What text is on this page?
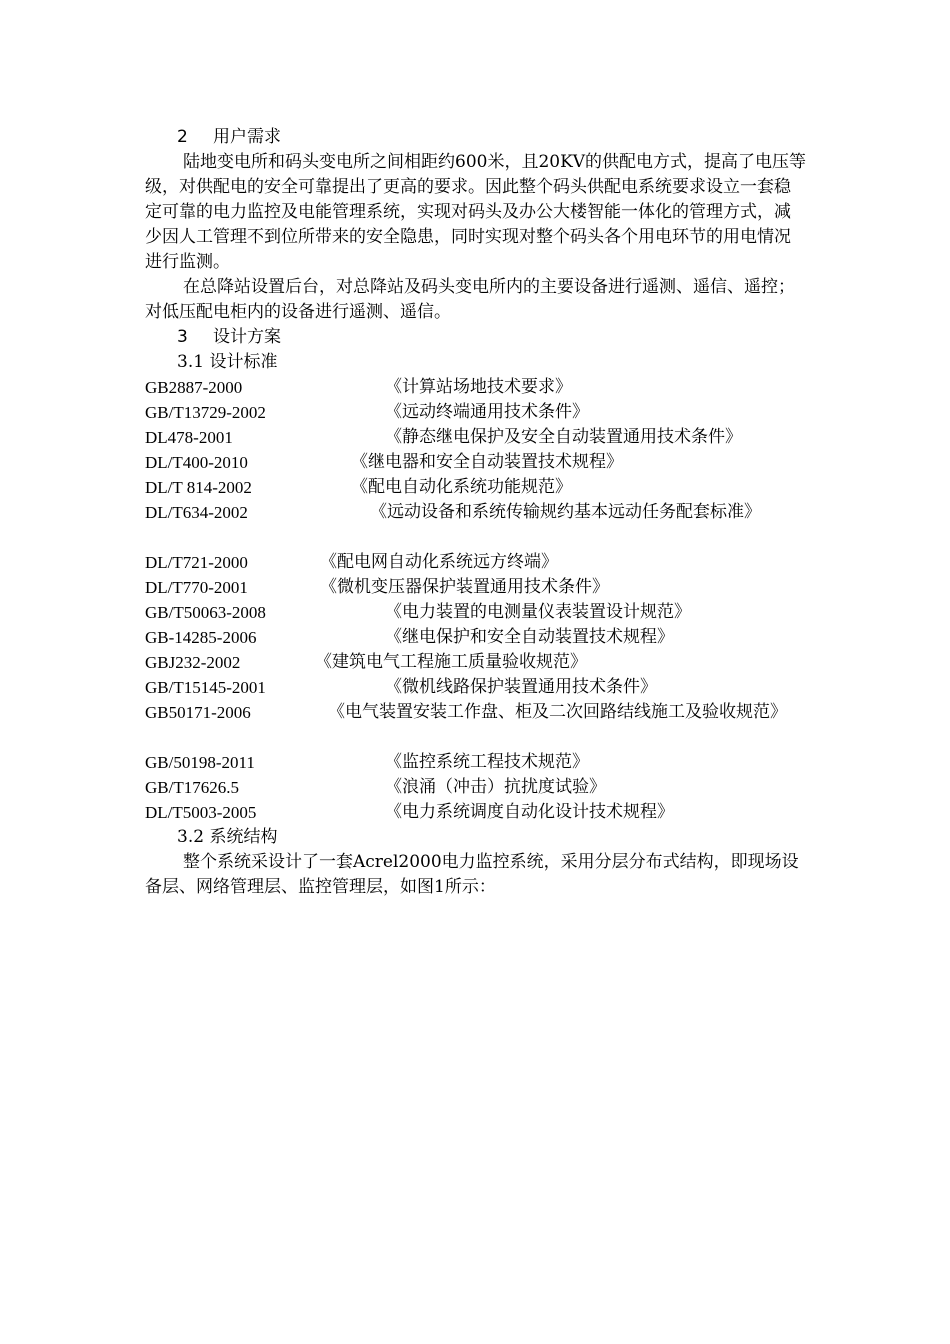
2 用户需求

陆地变电所和码头变电所之间相距约600米，且20KV的供配电方式，提高了电压等级，对供配电的安全可靠提出了更高的要求。因此整个码头供配电系统要求设立一套稳定可靠的电力监控及电能管理系统，实现对码头及办公大楼智能一体化的管理方式，减少因人工管理不到位所带来的安全隐患，同时实现对整个码头各个用电环节的用电情况进行监测。

在总降站设置后台，对总降站及码头变电所内的主要设备进行遥测、遥信、遥控；对低压配电柜内的设备进行遥测、遥信。

3 设计方案
3.1 设计标准
GB2887-2000	《计算站场地技术要求》
GB/T13729-2002	《远动终端通用技术条件》
DL478-2001	《静态继电保护及安全自动装置通用技术条件》
DL/T400-2010	《继电器和安全自动装置技术规程》
DL/T 814-2002	《配电自动化系统功能规范》
DL/T634-2002	《远动设备和系统传输规约基本远动任务配套标准》
DL/T721-2000	《配电网自动化系统远方终端》
DL/T770-2001	《微机变压器保护装置通用技术条件》
GB/T50063-2008	《电力装置的电测量仪表装置设计规范》
GB-14285-2006	《继电保护和安全自动装置技术规程》
GBJ232-2002	《建筑电气工程施工质量验收规范》
GB/T15145-2001	《微机线路保护装置通用技术条件》
GB50171-2006	《电气装置安装工作盘、柜及二次回路结线施工及验收规范》
GB/50198-2011	《监控系统工程技术规范》
GB/T17626.5	《浪涌（冲击）抗扰度试验》
DL/T5003-2005	《电力系统调度自动化设计技术规程》
3.2 系统结构

整个系统采设计了一套Acrel2000电力监控系统，采用分层分布式结构，即现场设备层、网络管理层、监控管理层，如图1所示：
